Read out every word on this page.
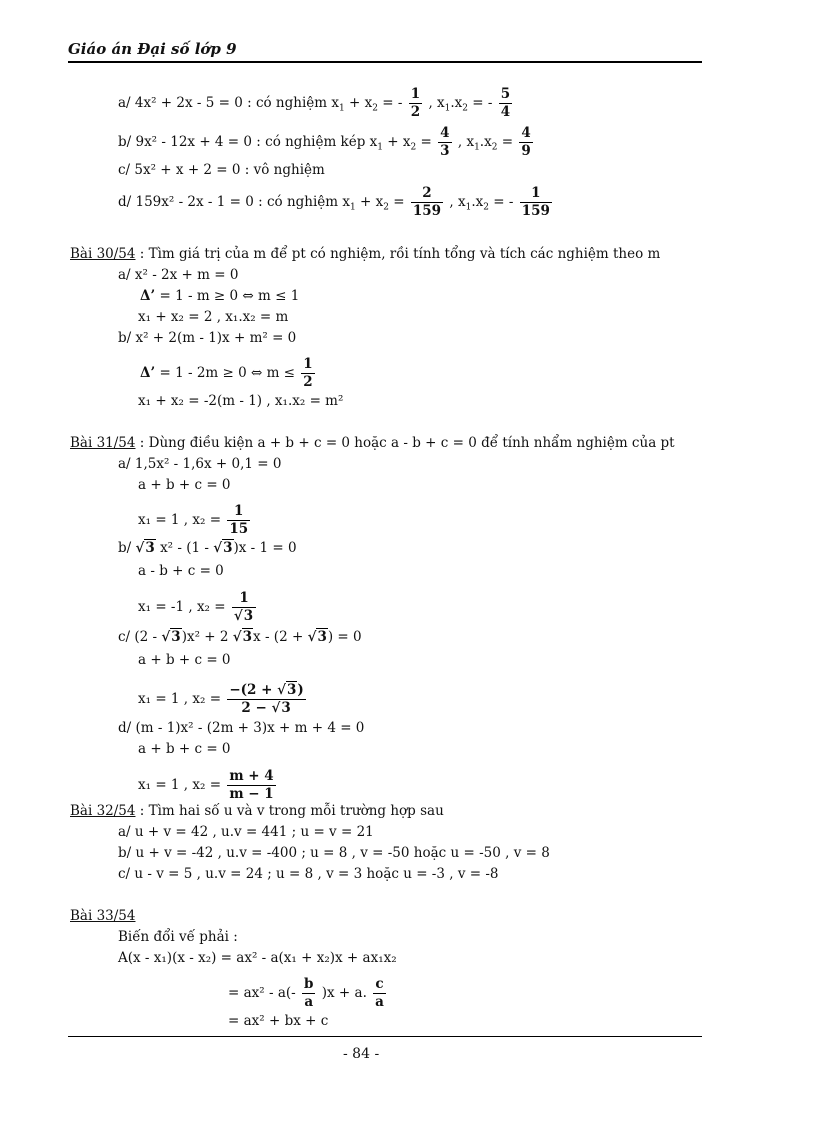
Giáo án Đại số lớp 9
a/ 4x² + 2x - 5 = 0 : có nghiệm $x_1 + x_2$ = - $\frac{1}{2}$ , $x_1.x_2$ = - $\frac{5}{4}$
b/ 9x² - 12x + 4 = 0 : có nghiệm kép $x_1 + x_2 = \frac{4}{3}$ , $x_1.x_2 = \frac{4}{9}$
c/ 5x² + x + 2 = 0 : vô nghiệm
d/ 159x² - 2x - 1 = 0 : có nghiệm $x_1 + x_2 = \frac{2}{159}$ , $x_1.x_2$ = - $\frac{1}{159}$
Bài 30/54 : Tìm giá trị của m để pt có nghiệm, rồi tính tổng và tích các nghiệm theo m
a/ x² - 2x + m = 0
Δ’ = 1 - m ≥ 0 ⇔ m ≤ 1
x₁ + x₂ = 2 , x₁.x₂ = m
b/ x² + 2(m - 1)x + m² = 0
Δ’ = 1 - 2m ≥ 0 ⇔ $m \le \frac{1}{2}$
x₁ + x₂ = -2(m - 1) , x₁.x₂ = m²
Bài 31/54 : Dùng điều kiện a + b + c = 0 hoặc a - b + c = 0 để tính nhẩm nghiệm của pt
a/ 1,5x² - 1,6x + 0,1 = 0
a + b + c = 0
x₁ = 1 , $x_2 = \frac{1}{15}$
b/ √3 x² - (1 - √3)x - 1 = 0
a - b + c = 0
x₁ = -1 , $x_2 = \frac{1}{√3}$
c/ (2 - √3)x² + 2 √3x - (2 + √3) = 0
a + b + c = 0
x₁ = 1 , $x_2 = \frac{-(2 + √3)}{2 - √3}$
d/ (m - 1)x² - (2m + 3)x + m + 4 = 0
a + b + c = 0
x₁ = 1 , $x_2 = \frac{m + 4}{m - 1}$
Bài 32/54 : Tìm hai số u và v trong mỗi trường hợp sau
a/ u + v = 42 , u.v = 441 ; u = v = 21
b/ u + v = -42 , u.v = -400 ; u = 8 , v = -50 hoặc u = -50 , v = 8
c/ u - v = 5 , u.v = 24 ; u = 8 , v = 3 hoặc u = -3 , v = -8
Bài 33/54
Biến đổi vế phải :
A(x - x₁)(x - x₂) = ax² - a(x₁ + x₂)x + ax₁x₂
= $ax^2 - a(- \frac{b}{a} )x + a$. $\frac{c}{a}$
= ax² + bx + c
- 84 -
